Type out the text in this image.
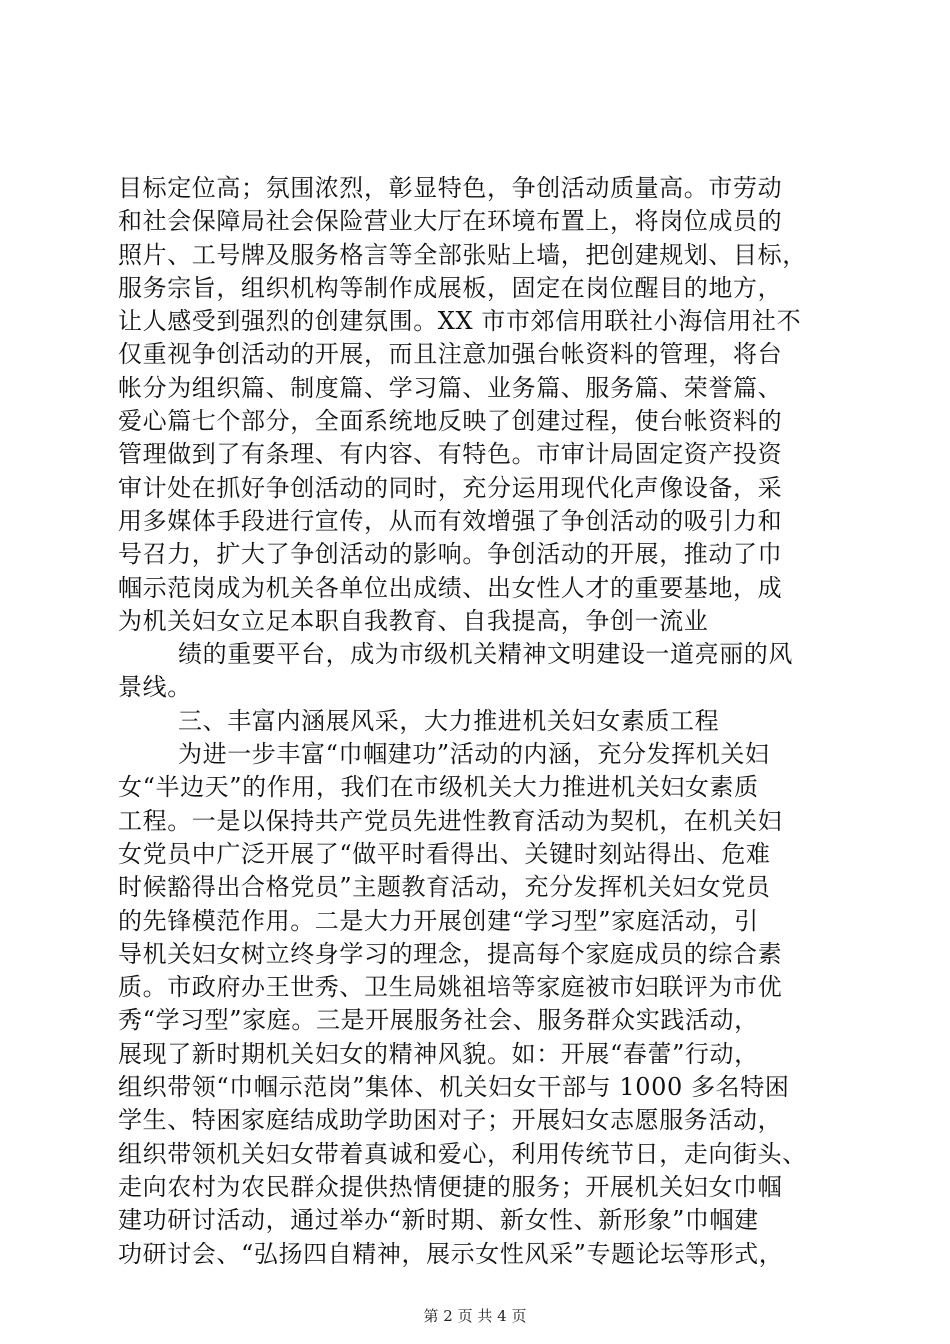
目标定位高；氛围浓烈，彰显特色，争创活动质量高。市劳动
和社会保障局社会保险营业大厅在环境布置上，将岗位成员的
照片、工号牌及服务格言等全部张贴上墙，把创建规划、目标，
服务宗旨，组织机构等制作成展板，固定在岗位醒目的地方，
让人感受到强烈的创建氛围。XX 市市郊信用联社小海信用社不
仅重视争创活动的开展，而且注意加强台帐资料的管理，将台
帐分为组织篇、制度篇、学习篇、业务篇、服务篇、荣誉篇、
爱心篇七个部分，全面系统地反映了创建过程，使台帐资料的
管理做到了有条理、有内容、有特色。市审计局固定资产投资
审计处在抓好争创活动的同时，充分运用现代化声像设备，采
用多媒体手段进行宣传，从而有效增强了争创活动的吸引力和
号召力，扩大了争创活动的影响。争创活动的开展，推动了巾
帼示范岗成为机关各单位出成绩、出女性人才的重要基地，成
为机关妇女立足本职自我教育、自我提高，争创一流业
绩的重要平台，成为市级机关精神文明建设一道亮丽的风
景线。
三、丰富内涵展风采，大力推进机关妇女素质工程
为进一步丰富“巾帼建功”活动的内涵，充分发挥机关妇
女“半边天”的作用，我们在市级机关大力推进机关妇女素质
工程。一是以保持共产党员先进性教育活动为契机，在机关妇
女党员中广泛开展了“做平时看得出、关键时刻站得出、危难
时候豁得出合格党员”主题教育活动，充分发挥机关妇女党员
的先锋模范作用。二是大力开展创建“学习型”家庭活动，引
导机关妇女树立终身学习的理念，提高每个家庭成员的综合素
质。市政府办王世秀、卫生局姚祖培等家庭被市妇联评为市优
秀“学习型”家庭。三是开展服务社会、服务群众实践活动，
展现了新时期机关妇女的精神风貌。如：开展“春蕾”行动，
组织带领“巾帼示范岗”集体、机关妇女干部与 1000 多名特困
学生、特困家庭结成助学助困对子；开展妇女志愿服务活动，
组织带领机关妇女带着真诚和爱心，利用传统节日，走向街头、
走向农村为农民群众提供热情便捷的服务；开展机关妇女巾帼
建功研讨活动，通过举办“新时期、新女性、新形象”巾帼建
功研讨会、“弘扬四自精神，展示女性风采”专题论坛等形式，
第 2 页 共 4 页
